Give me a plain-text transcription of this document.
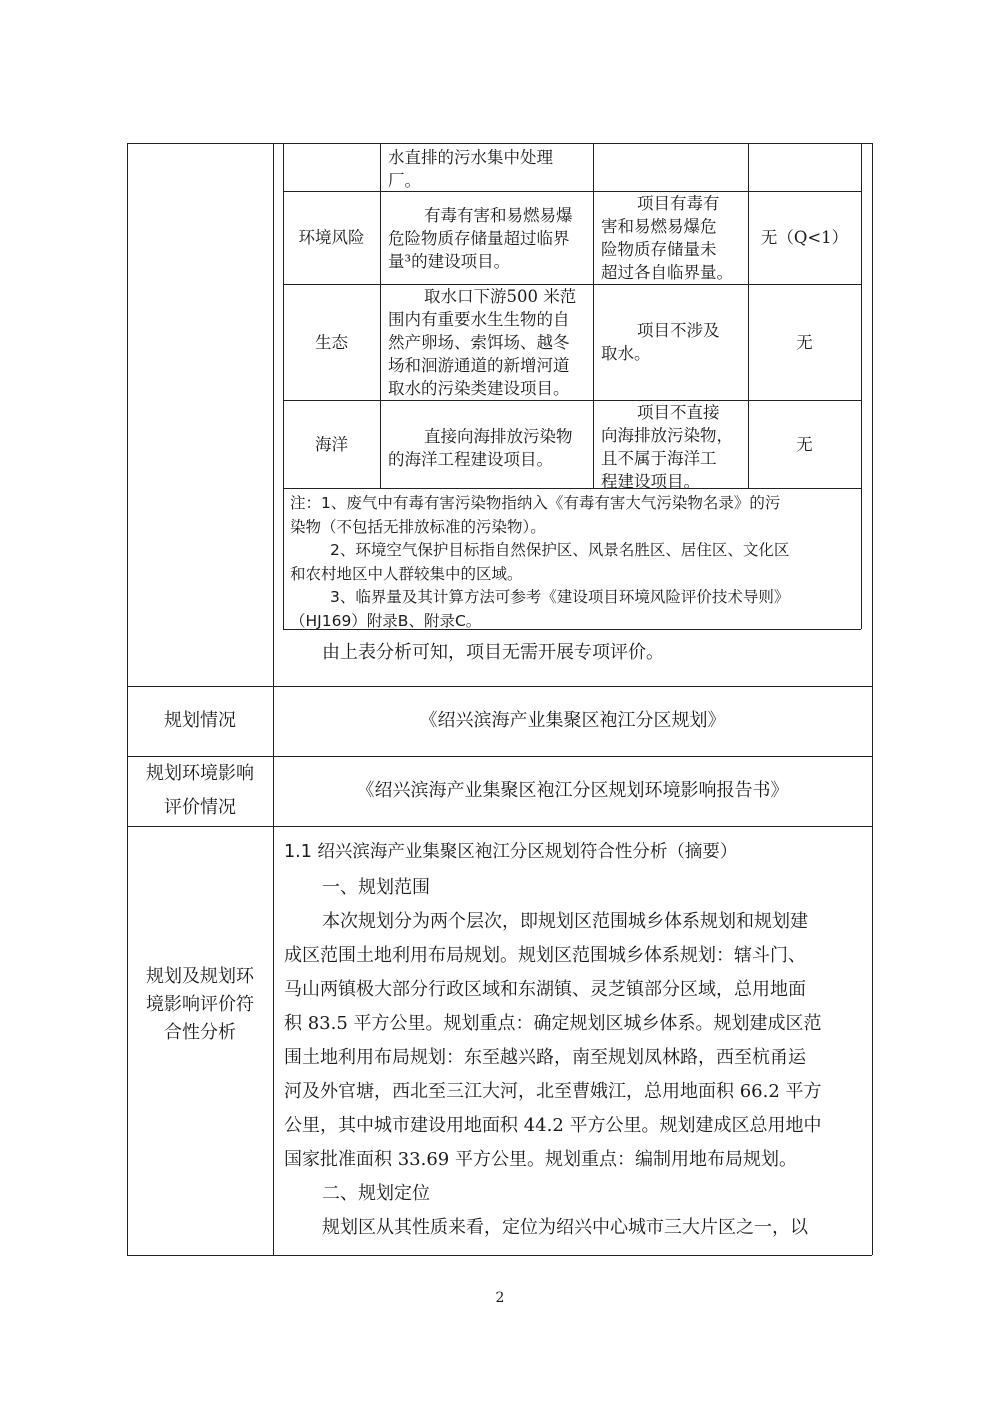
水直排的污水集中处理
厂。
环境风险
有毒有害和易燃易爆
危险物质存储量超过临界
量³的建设项目。
项目有毒有
害和易燃易爆危
险物质存储量未
超过各自临界量。
无（Q<1）
生态
取水口下游500 米范
围内有重要水生生物的自
然产卵场、索饵场、越冬
场和洄游通道的新增河道
取水的污染类建设项目。
项目不涉及
取水。
无
海洋	直接向海排放污染物
的海洋工程建设项目。
项目不直接
向海排放污染物，
且不属于海洋工
程建设项目。
无
注：1、废气中有毒有害污染物指纳入《有毒有害大气污染物名录》的污
染物（不包括无排放标准的污染物）。
2、环境空气保护目标指自然保护区、风景名胜区、居住区、文化区
和农村地区中人群较集中的区域。
3、临界量及其计算方法可参考《建设项目环境风险评价技术导则》
（HJ169）附录B、附录C。
由上表分析可知，项目无需开展专项评价。
规划情况	《绍兴滨海产业集聚区袍江分区规划》
规划环境影响
评价情况
《绍兴滨海产业集聚区袍江分区规划环境影响报告书》
规划及规划环
境影响评价符
合性分析
1.1 绍兴滨海产业集聚区袍江分区规划符合性分析（摘要）
一、规划范围
本次规划分为两个层次，即规划区范围城乡体系规划和规划建
成区范围土地利用布局规划。规划区范围城乡体系规划：辖斗门、
马山两镇极大部分行政区域和东湖镇、灵芝镇部分区域，总用地面
积 83.5 平方公里。规划重点：确定规划区城乡体系。规划建成区范
围土地利用布局规划：东至越兴路，南至规划凤林路，西至杭甬运
河及外官塘，西北至三江大河，北至曹娥江，总用地面积 66.2 平方
公里，其中城市建设用地面积 44.2 平方公里。规划建成区总用地中
国家批准面积 33.69 平方公里。规划重点：编制用地布局规划。
二、规划定位
规划区从其性质来看，定位为绍兴中心城市三大片区之一，以
2
